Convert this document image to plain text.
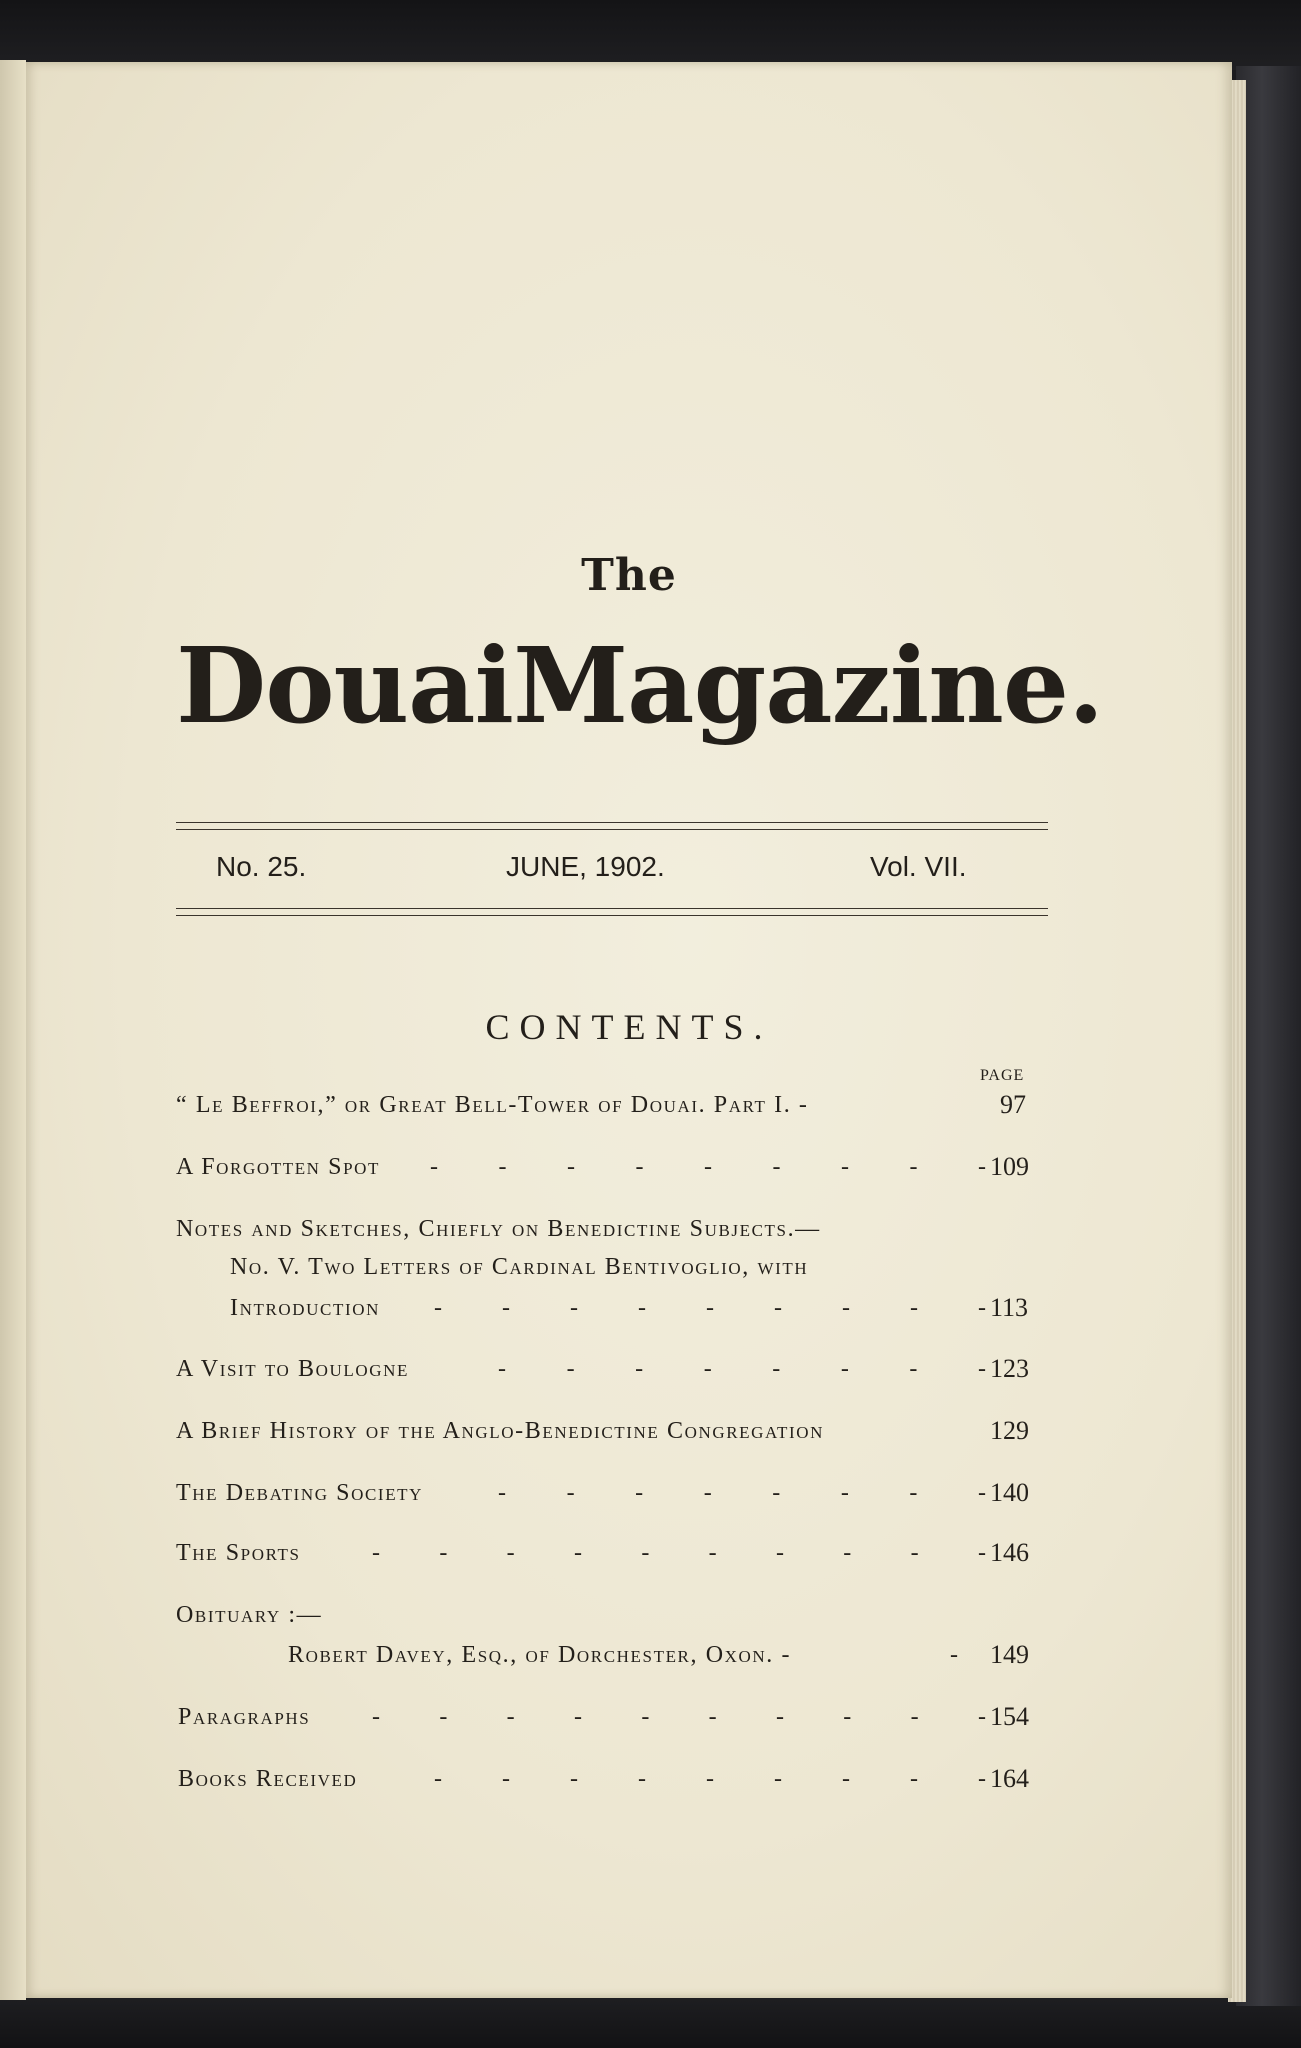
The
Douai Magazine.
No. 25.	JUNE, 1902.	Vol. VII.
CONTENTS.
PAGE
“ Le Beffroi,” or Great Bell-Tower of Douai. Part I. -	97
A Forgotten Spot -	-	-	-	-	-	-	-	- 109
Notes and Sketches, Chiefly on Benedictine Subjects.—
No. V. Two Letters of Cardinal Bentivoglio, with
Introduction -	-	-	-	-	-	-	-	- 113
A Visit to Boulogne	-	-	-	-	-	-	-	- 123
A Brief History of the Anglo-Benedictine Congregation	129
The Debating Society	-	-	-	-	-	-	-	- 140
The Sports	- - - - - - - - - - 146
Obituary :—
Robert Davey, Esq., of Dorchester, Oxon. -	- 149
Paragraphs	- - - - - - - - - - 154
Books Received	-	-	-	-	-	-	-	-	- 164
